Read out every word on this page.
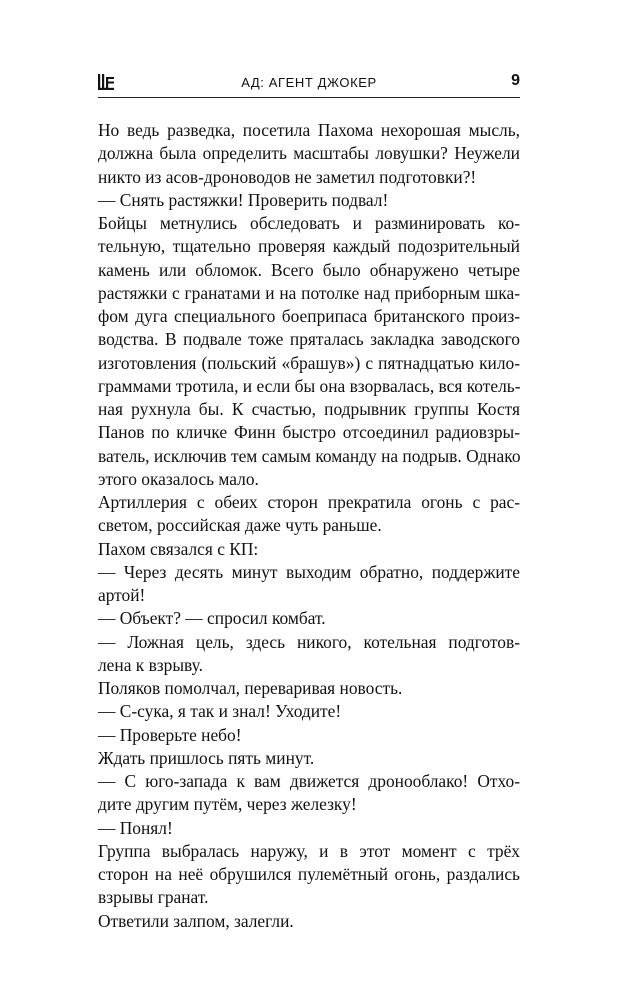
АД: АГЕНТ ДЖОКЕР	9
Но ведь разведка, посетила Пахома нехорошая мысль,
должна была определить масштабы ловушки? Неужели
никто из асов-дроноводов не заметил подготовки?!
— Снять растяжки! Проверить подвал!
Бойцы метнулись обследовать и разминировать ко-
тельную, тщательно проверяя каждый подозрительный
камень или обломок. Всего было обнаружено четыре
растяжки с гранатами и на потолке над приборным шка-
фом дуга специального боеприпаса британского произ-
водства. В подвале тоже пряталась закладка заводского
изготовления (польский «брашув») с пятнадцатью кило-
граммами тротила, и если бы она взорвалась, вся котель-
ная рухнула бы. К счастью, подрывник группы Костя
Панов по кличке Финн быстро отсоединил радиовзры-
ватель, исключив тем самым команду на подрыв. Однако
этого оказалось мало.
Артиллерия с обеих сторон прекратила огонь с рас-
светом, российская даже чуть раньше.
Пахом связался с КП:
— Через десять минут выходим обратно, поддержите
артой!
— Объект? — спросил комбат.
— Ложная цель, здесь никого, котельная подготов-
лена к взрыву.
Поляков помолчал, переваривая новость.
— С-сука, я так и знал! Уходите!
— Проверьте небо!
Ждать пришлось пять минут.
— С юго-запада к вам движется дронооблако! Отхо-
дите другим путём, через железку!
— Понял!
Группа выбралась наружу, и в этот момент с трёх
сторон на неё обрушился пулемётный огонь, раздались
взрывы гранат.
Ответили залпом, залегли.
